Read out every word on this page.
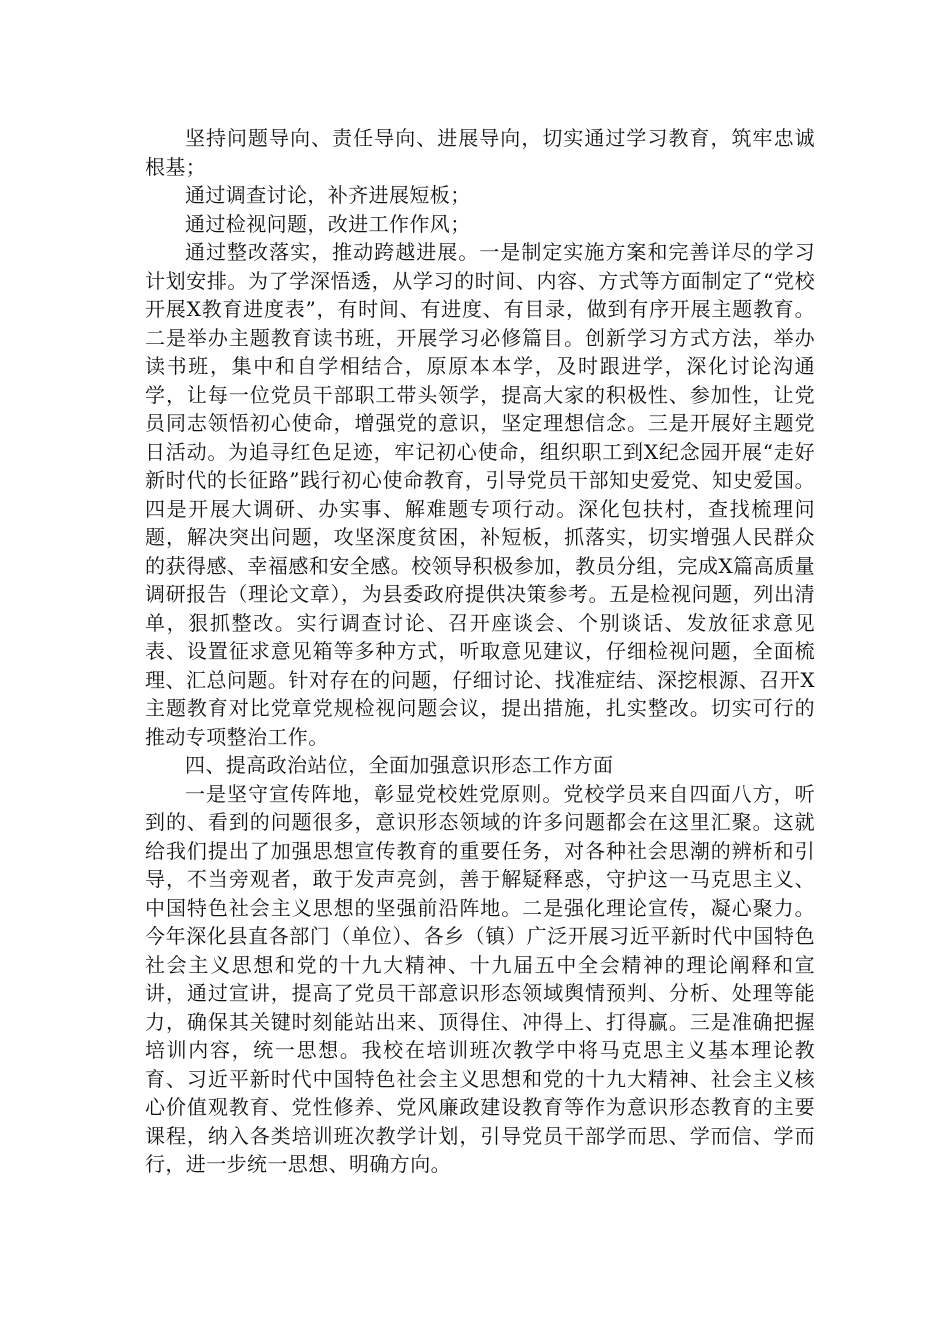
坚持问题导向、责任导向、进展导向，切实通过学习教育，筑牢忠诚根基；

通过调查讨论，补齐进展短板；

通过检视问题，改进工作作风；

通过整改落实，推动跨越进展。一是制定实施方案和完善详尽的学习计划安排。为了学深悟透，从学习的时间、内容、方式等方面制定了“党校开展X教育进度表”，有时间、有进度、有目录，做到有序开展主题教育。二是举办主题教育读书班，开展学习必修篇目。创新学习方式方法，举办读书班，集中和自学相结合，原原本本学，及时跟进学，深化讨论沟通学，让每一位党员干部职工带头领学，提高大家的积极性、参加性，让党员同志领悟初心使命，增强党的意识，坚定理想信念。三是开展好主题党日活动。为追寻红色足迹，牢记初心使命，组织职工到X纪念园开展“走好新时代的长征路”践行初心使命教育，引导党员干部知史爱党、知史爱国。四是开展大调研、办实事、解难题专项行动。深化包扶村，查找梳理问题，解决突出问题，攻坚深度贫困，补短板，抓落实，切实增强人民群众的获得感、幸福感和安全感。校领导积极参加，教员分组，完成X篇高质量调研报告（理论文章），为县委政府提供决策参考。五是检视问题，列出清单，狠抓整改。实行调查讨论、召开座谈会、个别谈话、发放征求意见表、设置征求意见箱等多种方式，听取意见建议，仔细检视问题，全面梳理、汇总问题。针对存在的问题，仔细讨论、找准症结、深挖根源、召开X主题教育对比党章党规检视问题会议，提出措施，扎实整改。切实可行的推动专项整治工作。

四、提高政治站位，全面加强意识形态工作方面

一是坚守宣传阵地，彰显党校姓党原则。党校学员来自四面八方，听到的、看到的问题很多，意识形态领域的许多问题都会在这里汇聚。这就给我们提出了加强思想宣传教育的重要任务，对各种社会思潮的辨析和引导，不当旁观者，敢于发声亮剑，善于解疑释惑，守护这一马克思主义、中国特色社会主义思想的坚强前沿阵地。二是强化理论宣传，凝心聚力。今年深化县直各部门（单位）、各乡（镇）广泛开展习近平新时代中国特色社会主义思想和党的十九大精神、十九届五中全会精神的理论阐释和宣讲，通过宣讲，提高了党员干部意识形态领域舆情预判、分析、处理等能力，确保其关键时刻能站出来、顶得住、冲得上、打得赢。三是准确把握培训内容，统一思想。我校在培训班次教学中将马克思主义基本理论教育、习近平新时代中国特色社会主义思想和党的十九大精神、社会主义核心价值观教育、党性修养、党风廉政建设教育等作为意识形态教育的主要课程，纳入各类培训班次教学计划，引导党员干部学而思、学而信、学而行，进一步统一思想、明确方向。
